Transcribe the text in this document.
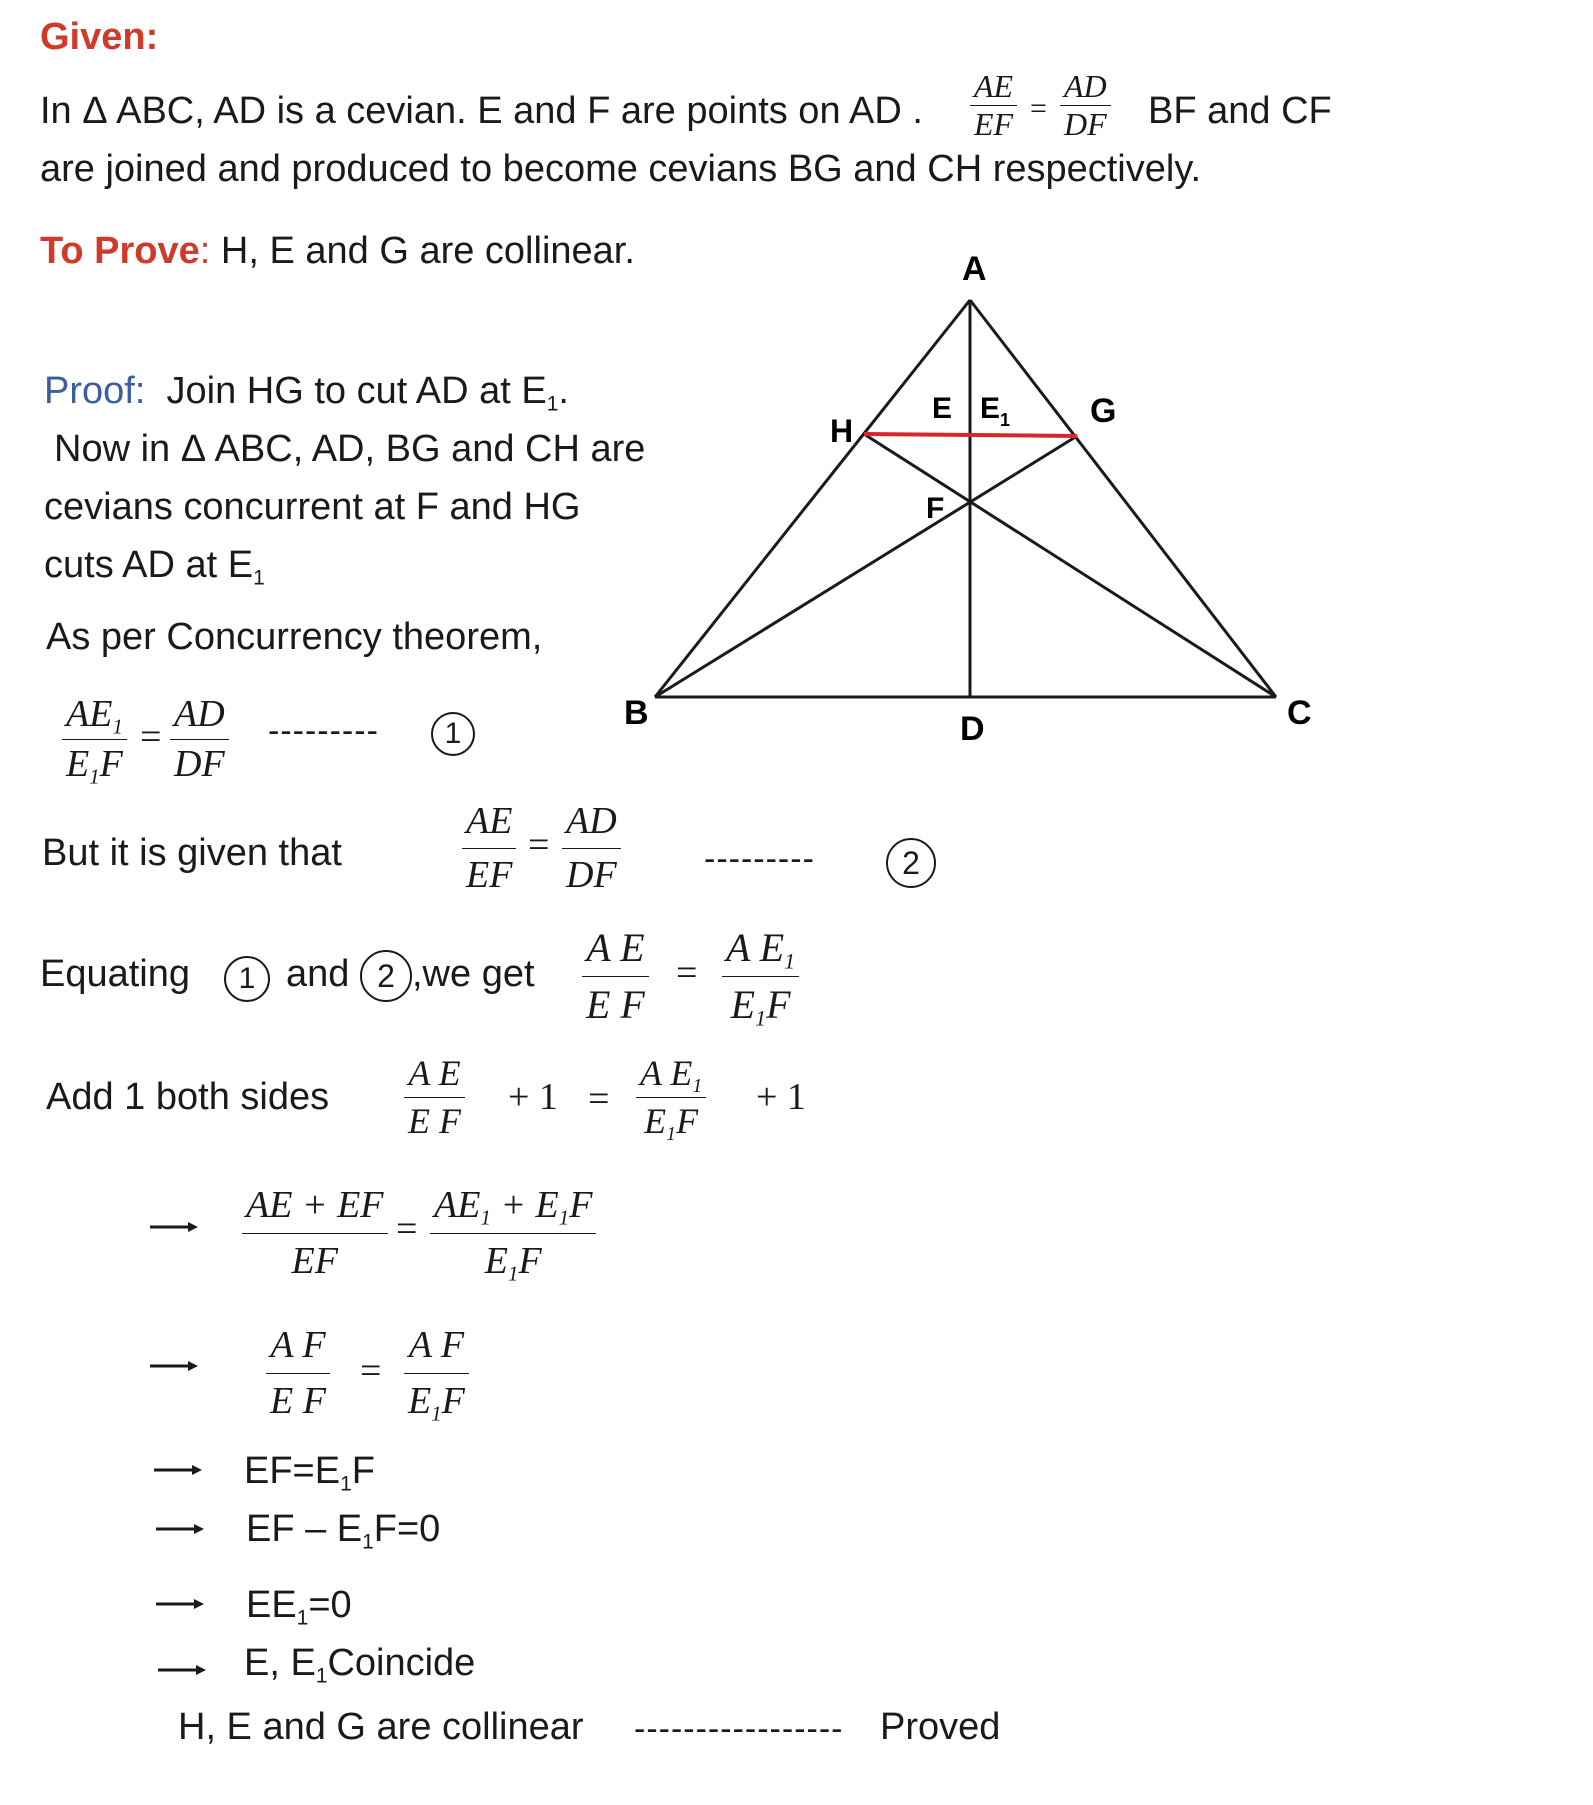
Given:
In Δ ABC, AD is a cevian. E and F are points on AD . $\frac{AE}{EF} = \frac{AD}{DF}$ BF and CF
are joined and produced to become cevians BG and CH respectively.
To Prove: H, E and G are collinear.
Proof: Join HG to cut AD at $E_1$.
Now in Δ ABC, AD, BG and CH are
cevians concurrent at F and HG
cuts AD at $E_1$
As per Concurrency theorem,
$\frac{AE_1}{E_1F} = \frac{AD}{DF}$ ---------	1
But it is given that	$\frac{AE}{EF} = \frac{AD}{DF}$ ---------	2
Equating	1 and 2 ,we get $\frac{\text{A E}}{\text{E F}} = \frac{A E_1}{E_1F}$
Add 1 both sides $\frac{\text{A E}}{\text{E F}} + 1 = \frac{A E_1}{E_1F} + 1$
$\frac{AE + EF}{EF} = \frac{AE_1 + E_1F}{E_1F}$
$\frac{\text{A F}}{\text{E F}} = \frac{\text{A F}}{E_1F}$
$EF=E_1F$
EF – $E_1F=0$
$EE_1=0$
E, $E_1Coincide$
H, E and G are collinear ----------------- Proved
A
B	C
D
E $E_1$
F
G
H
